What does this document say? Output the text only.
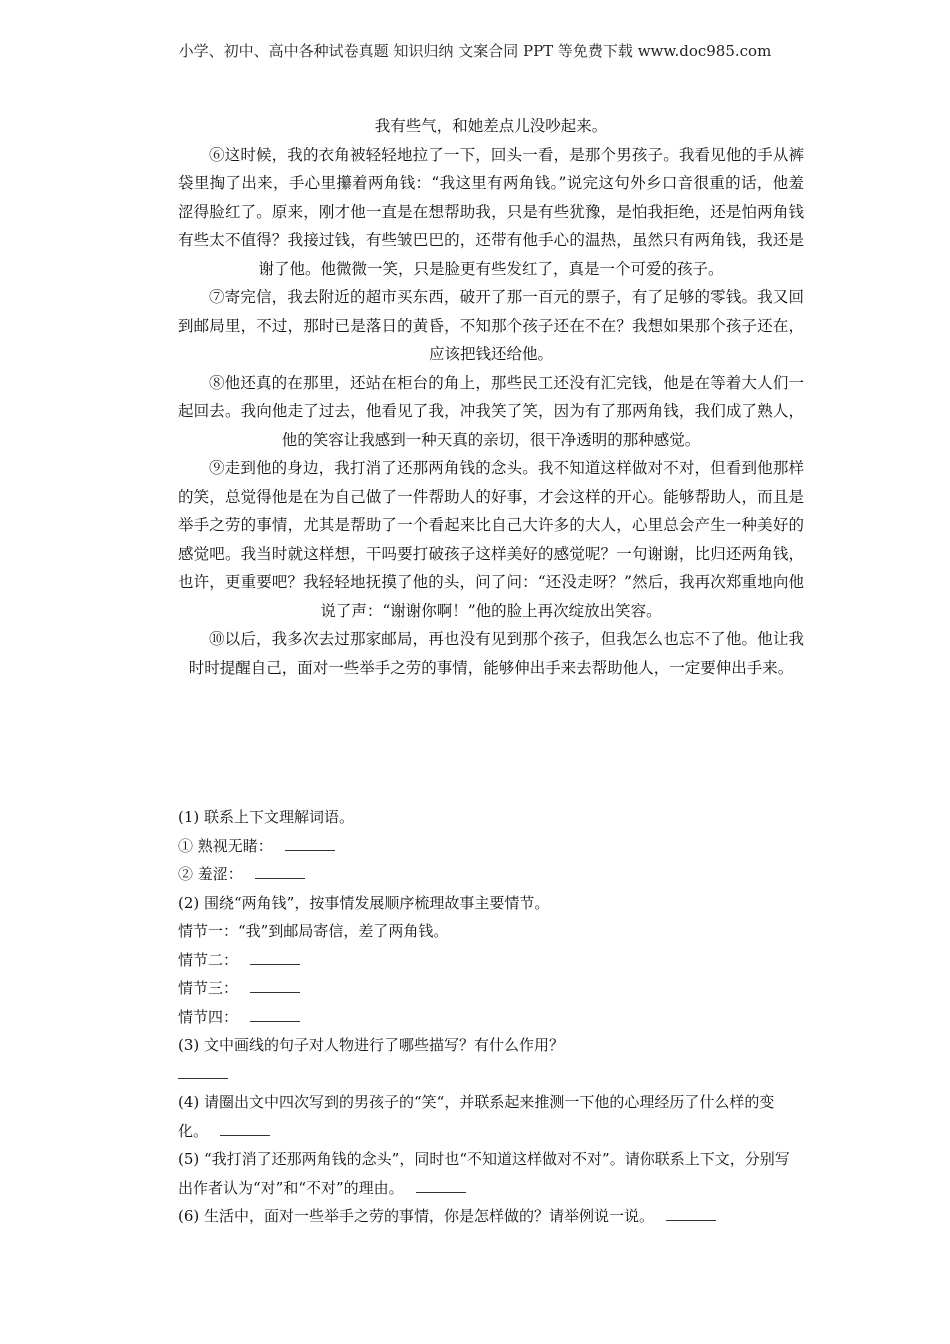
小学、初中、高中各种试卷真题 知识归纳 文案合同 PPT 等免费下载 www.doc985.com

我有些气，和她差点儿没吵起来。

⑥这时候，我的衣角被轻轻地拉了一下，回头一看，是那个男孩子。我看见他的手从裤袋里掏了出来，手心里攥着两角钱：“我这里有两角钱。”说完这句外乡口音很重的话，他羞涩得脸红了。原来，刚才他一直是在想帮助我，只是有些犹豫，是怕我拒绝，还是怕两角钱有些太不值得？我接过钱，有些皱巴巴的，还带有他手心的温热，虽然只有两角钱，我还是谢了他。他微微一笑，只是脸更有些发红了，真是一个可爱的孩子。

⑦寄完信，我去附近的超市买东西，破开了那一百元的票子，有了足够的零钱。我又回到邮局里，不过，那时已是落日的黄昏，不知那个孩子还在不在？我想如果那个孩子还在，应该把钱还给他。

⑧他还真的在那里，还站在柜台的角上，那些民工还没有汇完钱，他是在等着大人们一起回去。我向他走了过去，他看见了我，冲我笑了笑，因为有了那两角钱，我们成了熟人，他的笑容让我感到一种天真的亲切，很干净透明的那种感觉。

⑨走到他的身边，我打消了还那两角钱的念头。我不知道这样做对不对，但看到他那样的笑，总觉得他是在为自己做了一件帮助人的好事，才会这样的开心。能够帮助人，而且是举手之劳的事情，尤其是帮助了一个看起来比自己大许多的大人，心里总会产生一种美好的感觉吧。我当时就这样想，干吗要打破孩子这样美好的感觉呢？一句谢谢，比归还两角钱，也许，更重要吧？我轻轻地抚摸了他的头，问了问：“还没走呀？”然后，我再次郑重地向他说了声：“谢谢你啊！”他的脸上再次绽放出笑容。

⑩以后，我多次去过那家邮局，再也没有见到那个孩子，但我怎么也忘不了他。他让我时时提醒自己，面对一些举手之劳的事情，能够伸出手来去帮助他人，一定要伸出手来。

(1) 联系上下文理解词语。
① 熟视无睹：
② 羞涩：
(2) 围绕“两角钱”，按事情发展顺序梳理故事主要情节。
情节一：“我”到邮局寄信，差了两角钱。
情节二：
情节三：
情节四：
(3) 文中画线的句子对人物进行了哪些描写？有什么作用？
(4) 请圈出文中四次写到的男孩子的“笑“，并联系起来推测一下他的心理经历了什么样的变化。
(5) “我打消了还那两角钱的念头”，同时也“不知道这样做对不对”。请你联系上下文，分别写出作者认为“对”和“不对”的理由。
(6) 生活中，面对一些举手之劳的事情，你是怎样做的？请举例说一说。
